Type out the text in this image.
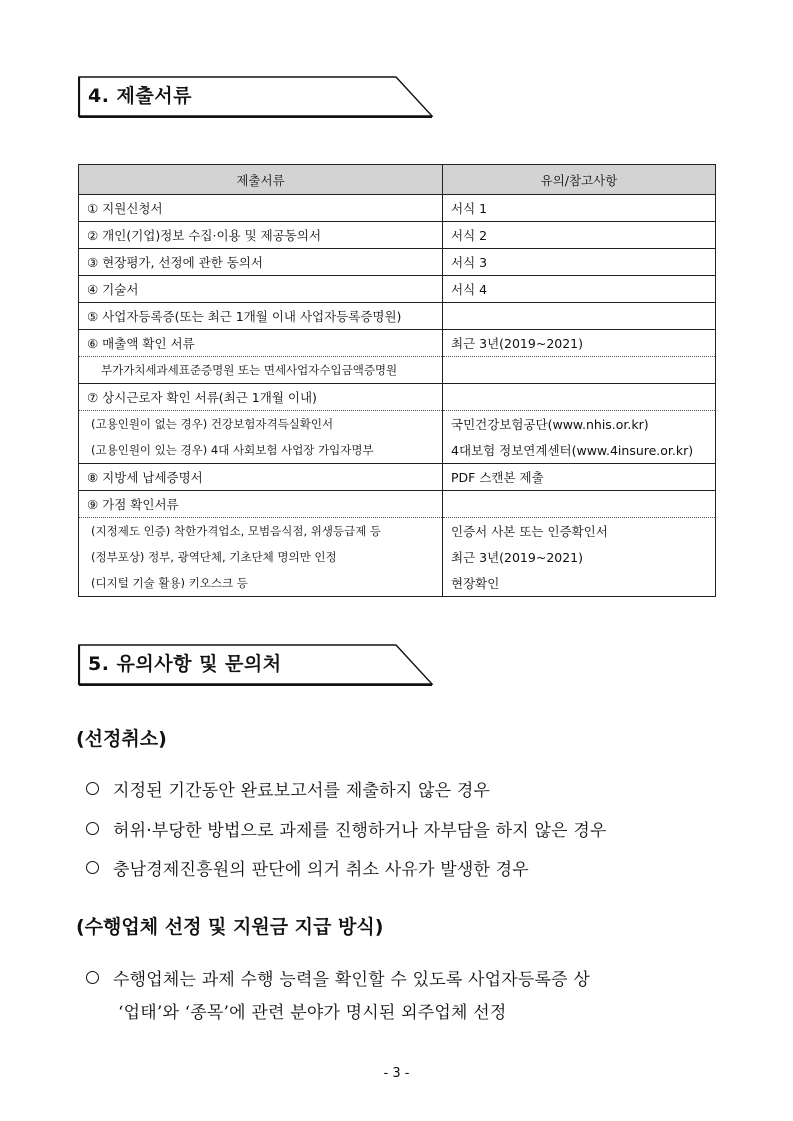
4. 제출서류
제출서류	유의/참고사항
① 지원신청서	서식 1
② 개인(기업)정보 수집·이용 및 제공동의서	서식 2
③ 현장평가, 선정에 관한 동의서	서식 3
④ 기술서	서식 4
⑤ 사업자등록증(또는 최근 1개월 이내 사업자등록증명원)	
⑥ 매출액 확인 서류	최근 3년(2019~2021)
부가가치세과세표준증명원 또는 면세사업자수입금액증명원	
⑦ 상시근로자 확인 서류(최근 1개월 이내)	
(고용인원이 없는 경우) 건강보험자격득실확인서	국민건강보험공단(www.nhis.or.kr)
(고용인원이 있는 경우) 4대 사회보험 사업장 가입자명부	4대보험 정보연계센터(www.4insure.or.kr)
⑧ 지방세 납세증명서	PDF 스캔본 제출
⑨ 가점 확인서류	
(지정제도 인증) 착한가격업소, 모범음식점, 위생등급제 등	인증서 사본 또는 인증확인서
(정부포상) 정부, 광역단체, 기초단체 명의만 인정	최근 3년(2019~2021)
(디지털 기술 활용) 키오스크 등	현장확인
5. 유의사항 및 문의처
(선정취소)
지정된 기간동안 완료보고서를 제출하지 않은 경우
허위·부당한 방법으로 과제를 진행하거나 자부담을 하지 않은 경우
충남경제진흥원의 판단에 의거 취소 사유가 발생한 경우
(수행업체 선정 및 지원금 지급 방식)
수행업체는 과제 수행 능력을 확인할 수 있도록 사업자등록증 상
‘업태’와 ‘종목’에 관련 분야가 명시된 외주업체 선정
- 3 -
